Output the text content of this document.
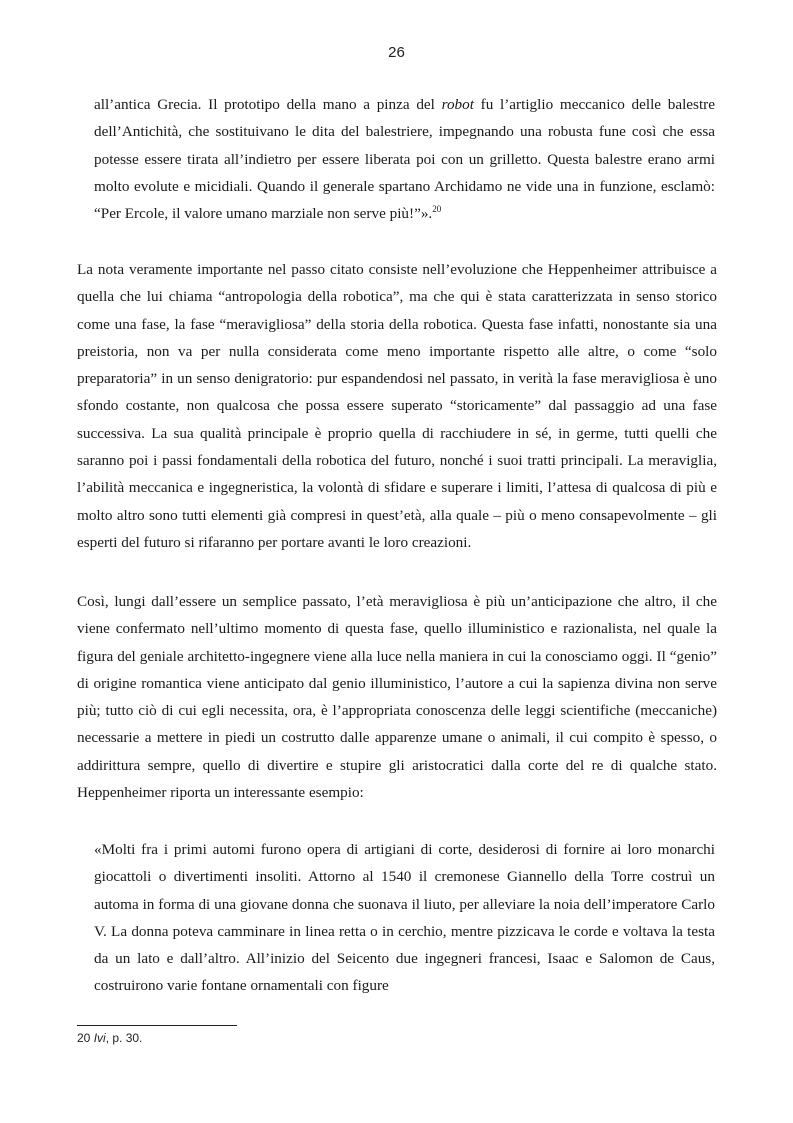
26

all’antica Grecia. Il prototipo della mano a pinza del robot fu l’artiglio meccanico delle balestre dell’Antichità, che sostituivano le dita del balestriere, impegnando una robusta fune così che essa potesse essere tirata all’indietro per essere liberata poi con un grilletto. Questa balestre erano armi molto evolute e micidiali. Quando il generale spartano Archidamo ne vide una in funzione, esclamò: “Per Ercole, il valore umano marziale non serve più!”».$^{20}$

La nota veramente importante nel passo citato consiste nell’evoluzione che Heppenheimer attribuisce a quella che lui chiama “antropologia della robotica”, ma che qui è stata caratterizzata in senso storico come una fase, la fase “meravigliosa” della storia della robotica. Questa fase infatti, nonostante sia una preistoria, non va per nulla considerata come meno importante rispetto alle altre, o come “solo preparatoria” in un senso denigratorio: pur espandendosi nel passato, in verità la fase meravigliosa è uno sfondo costante, non qualcosa che possa essere superato “storicamente” dal passaggio ad una fase successiva. La sua qualità principale è proprio quella di racchiudere in sé, in germe, tutti quelli che saranno poi i passi fondamentali della robotica del futuro, nonché i suoi tratti principali. La meraviglia, l’abilità meccanica e ingegneristica, la volontà di sfidare e superare i limiti, l’attesa di qualcosa di più e molto altro sono tutti elementi già compresi in quest’età, alla quale – più o meno consapevolmente – gli esperti del futuro si rifaranno per portare avanti le loro creazioni.

Così, lungi dall’essere un semplice passato, l’età meravigliosa è più un’anticipazione che altro, il che viene confermato nell’ultimo momento di questa fase, quello illuministico e razionalista, nel quale la figura del geniale architetto-ingegnere viene alla luce nella maniera in cui la conosciamo oggi. Il “genio” di origine romantica viene anticipato dal genio illuministico, l’autore a cui la sapienza divina non serve più; tutto ciò di cui egli necessita, ora, è l’appropriata conoscenza delle leggi scientifiche (meccaniche) necessarie a mettere in piedi un costrutto dalle apparenze umane o animali, il cui compito è spesso, o addirittura sempre, quello di divertire e stupire gli aristocratici dalla corte del re di qualche stato. Heppenheimer riporta un interessante esempio:

«Molti fra i primi automi furono opera di artigiani di corte, desiderosi di fornire ai loro monarchi giocattoli o divertimenti insoliti. Attorno al 1540 il cremonese Giannello della Torre costruì un automa in forma di una giovane donna che suonava il liuto, per alleviare la noia dell’imperatore Carlo V. La donna poteva camminare in linea retta o in cerchio, mentre pizzicava le corde e voltava la testa da un lato e dall’altro. All’inizio del Seicento due ingegneri francesi, Isaac e Salomon de Caus, costruirono varie fontane ornamentali con figure

20 Ivi, p. 30.
